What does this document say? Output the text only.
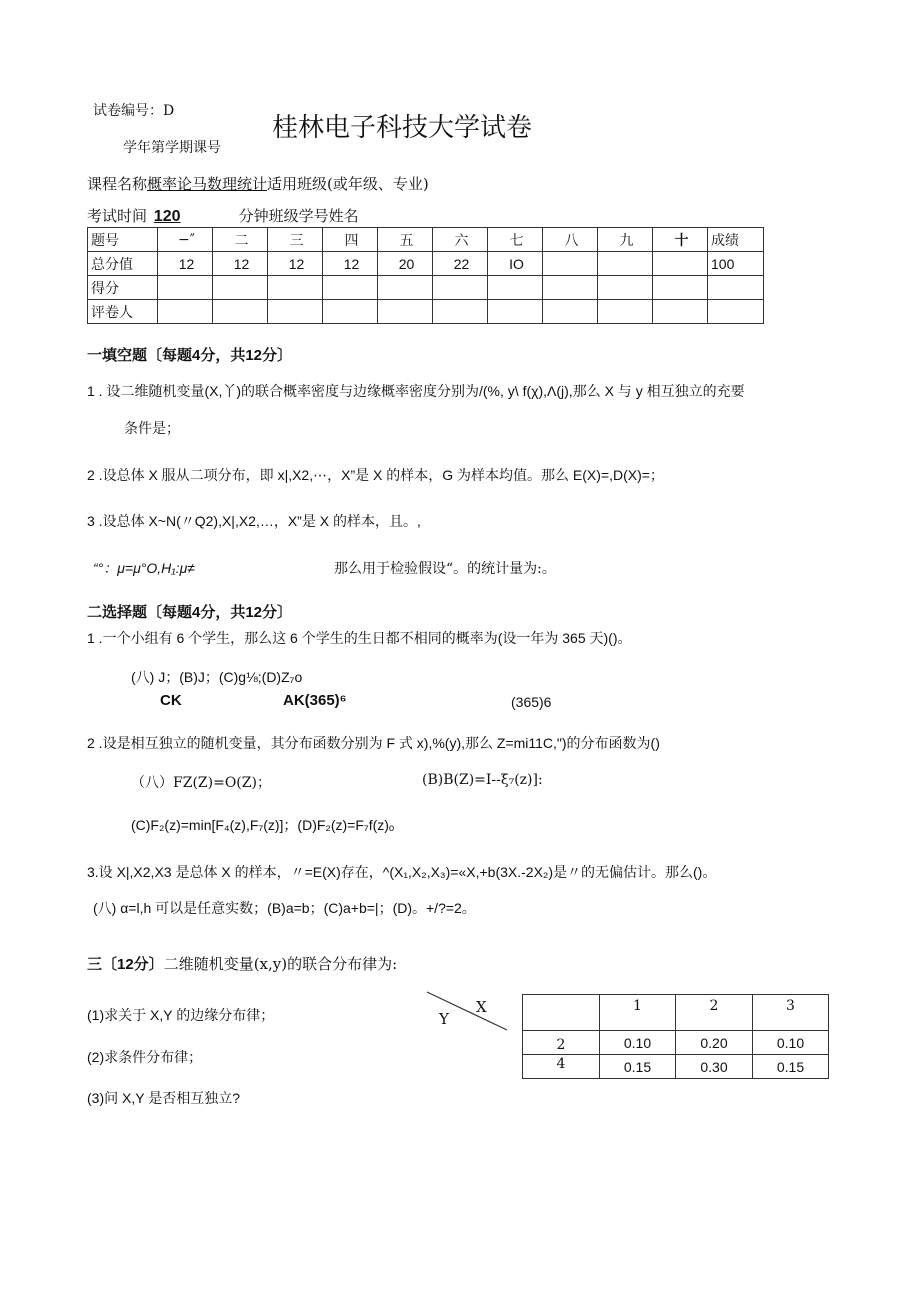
试卷编号：D
桂林电子科技大学试卷
学年第学期课号
课程名称概率论马数理统计适用班级(或年级、专业)
考试时间 120	分钟班级学号姓名
题号	−″	二	三	四	五	六	七	八	九	十	成绩
总分值	12	12	12	12	20	22	IO				100
得分											
评卷人											
一填空题〔每题4分，共12分〕
1 . 设二维随机变量(X,丫)的联合概率密度与边缘概率密度分别为/(%, y\ f(χ),Λ(j),那么 X 与 y 相互独立的充要
条件是；
2 .设总体 X 服从二项分布，即 x|,X2,⋯，X”是 X 的样本，G 为样本均值。那么 E(X)=,D(X)=；
3 .设总体 X~N(〃Q2),X|,X2,…，X”是 X 的样本，且。,
“°：μ=μ°O,H₁:μ≠	那么用于检验假设“。的统计量为:。
二选择题〔每题4分，共12分〕
1 .一个小组有 6 个学生，那么这 6 个学生的生日都不相同的概率为(设一年为 365 天)()。
(八) J；(B)J；(C)g⅛;(D)Z₇o
CK	AK(365)⁶	(365)6
2 .设是相互独立的随机变量，其分布函数分别为 F 式 x),%(y),那么 Z=mi11C,")的分布函数为()
（八）FZ(Z)=O(Z)；	(B)B(Z)=I--ξ₇(z)]:
(C)F₂(z)=min[F₄(z),F₇(z)]；(D)F₂(z)=F₇f(z)ₒ
3.设 X|,X2,X3 是总体 X 的样本，〃=E(X)存在，^(X₁,X₂,X₃)=«X,+b(3X.-2X₂)是〃的无偏估计。那么()。
(八) α=l,h 可以是任意实数；(B)a=b；(C)a+b=|；(D)。+/?=2。
三〔12分〕二维随机变量(x,y)的联合分布律为:
(1)求关于 X,Y 的边缘分布律；
(2)求条件分布律；
(3)问 X,Y 是否相互独立?
X
Y
	1	2	3
2	0.10	0.20	0.10
4	0.15	0.30	0.15
